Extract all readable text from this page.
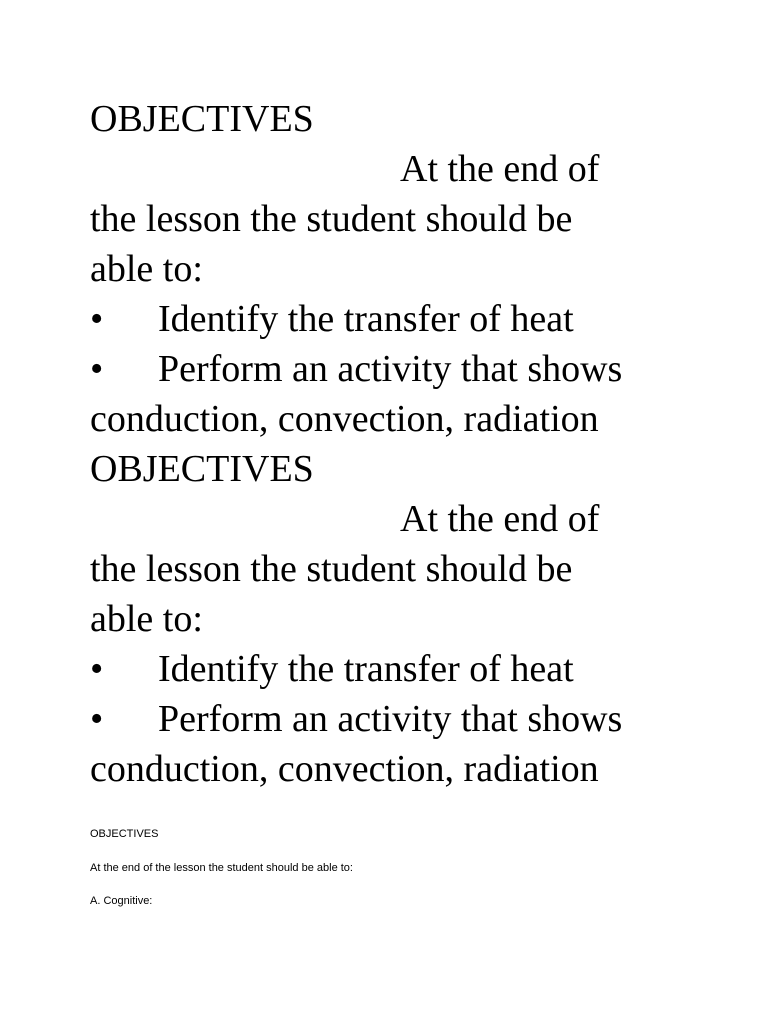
OBJECTIVES
At the end of
the lesson the student should be
able to:
• Identify the transfer of heat
• Perform an activity that shows
conduction, convection, radiation
OBJECTIVES
At the end of
the lesson the student should be
able to:
• Identify the transfer of heat
• Perform an activity that shows
conduction, convection, radiation
OBJECTIVES
At the end of the lesson the student should be able to:
A. Cognitive:
